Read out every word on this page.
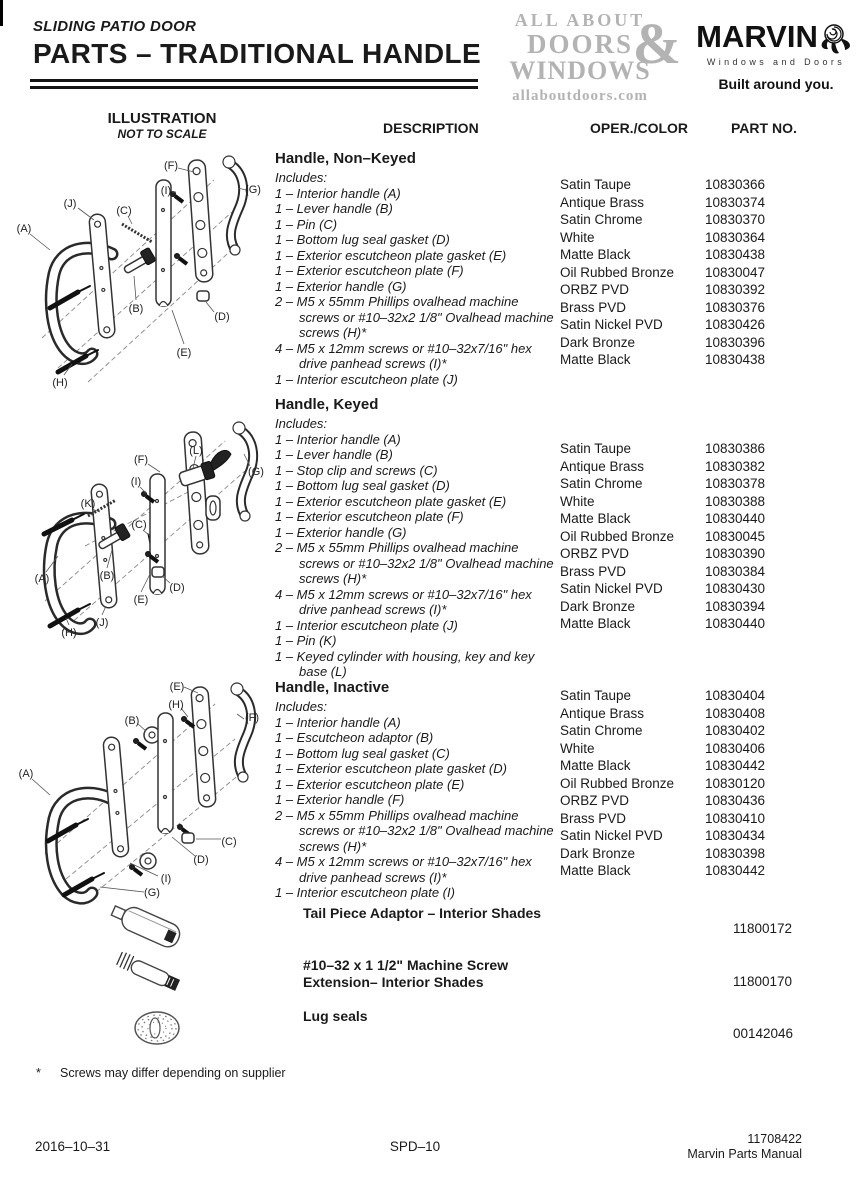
SLIDING PATIO DOOR
PARTS – TRADITIONAL HANDLE
ALL ABOUT
DOORS &
WINDOWS
allaboutdoors.com
MARVIN
Windows and Doors
Built around you.
ILLUSTRATION
NOT TO SCALE	DESCRIPTION	OPER./COLOR	PART NO.
(F)
(I)	(G)
(J)
(C)
(A)
(B)
(D)
(E)
(H)
Handle, Non–Keyed
Includes:
1 – Interior handle (A)
1 – Lever handle (B)
1 – Pin (C)
1 – Bottom lug seal gasket (D)
1 – Exterior escutcheon plate gasket (E)
1 – Exterior escutcheon plate (F)
1 – Exterior handle (G)
2 – M5 x 55mm Phillips ovalhead machine screws or #10–32x2 1/8" Ovalhead machine screws (H)*
4 – M5 x 12mm screws or #10–32x7/16" hex drive panhead screws (I)*
1 – Interior escutcheon plate (J)
Satin Taupe	10830366
Antique Brass	10830374
Satin Chrome	10830370
White	10830364
Matte Black	10830438
Oil Rubbed Bronze	10830047
ORBZ PVD	10830392
Brass PVD	10830376
Satin Nickel PVD	10830426
Dark Bronze	10830396
Matte Black	10830438
(L)
(F)
(G)
(I)
(K)
(C)
(A)	(B)
(E)
(D)
(H)
(J)
Handle, Keyed
Includes:
1 – Interior handle (A)
1 – Lever handle (B)
1 – Stop clip and screws (C)
1 – Bottom lug seal gasket (D)
1 – Exterior escutcheon plate gasket (E)
1 – Exterior escutcheon plate (F)
1 – Exterior handle (G)
2 – M5 x 55mm Phillips ovalhead machine screws or #10–32x2 1/8" Ovalhead machine screws (H)*
4 – M5 x 12mm screws or #10–32x7/16" hex drive panhead screws (I)*
1 – Interior escutcheon plate (J)
1 – Pin (K)
1 – Keyed cylinder with housing, key and key base (L)
Satin Taupe	10830386
Antique Brass	10830382
Satin Chrome	10830378
White	10830388
Matte Black	10830440
Oil Rubbed Bronze	10830045
ORBZ PVD	10830390
Brass PVD	10830384
Satin Nickel PVD	10830430
Dark Bronze	10830394
Matte Black	10830440
(E)
(H)
(B)	(F)
(A)
(C)
(D)
(I)
(G)
Handle, Inactive
Includes:
1 – Interior handle (A)
1 – Escutcheon adaptor (B)
1 – Bottom lug seal gasket (C)
1 – Exterior escutcheon plate gasket (D)
1 – Exterior escutcheon plate (E)
1 – Exterior handle (F)
2 – M5 x 55mm Phillips ovalhead machine screws or #10–32x2 1/8" Ovalhead machine screws (H)*
4 – M5 x 12mm screws or #10–32x7/16" hex drive panhead screws (I)*
1 – Interior escutcheon plate (I)
Satin Taupe	10830404
Antique Brass	10830408
Satin Chrome	10830402
White	10830406
Matte Black	10830442
Oil Rubbed Bronze	10830120
ORBZ PVD	10830436
Brass PVD	10830410
Satin Nickel PVD	10830434
Dark Bronze	10830398
Matte Black	10830442
Tail Piece Adaptor – Interior Shades
11800172
#10–32 x 1 1/2" Machine Screw
Extension– Interior Shades	11800170
Lug seals
00142046
* Screws may differ depending on supplier
2016–10–31	SPD–10	11708422
Marvin Parts Manual
